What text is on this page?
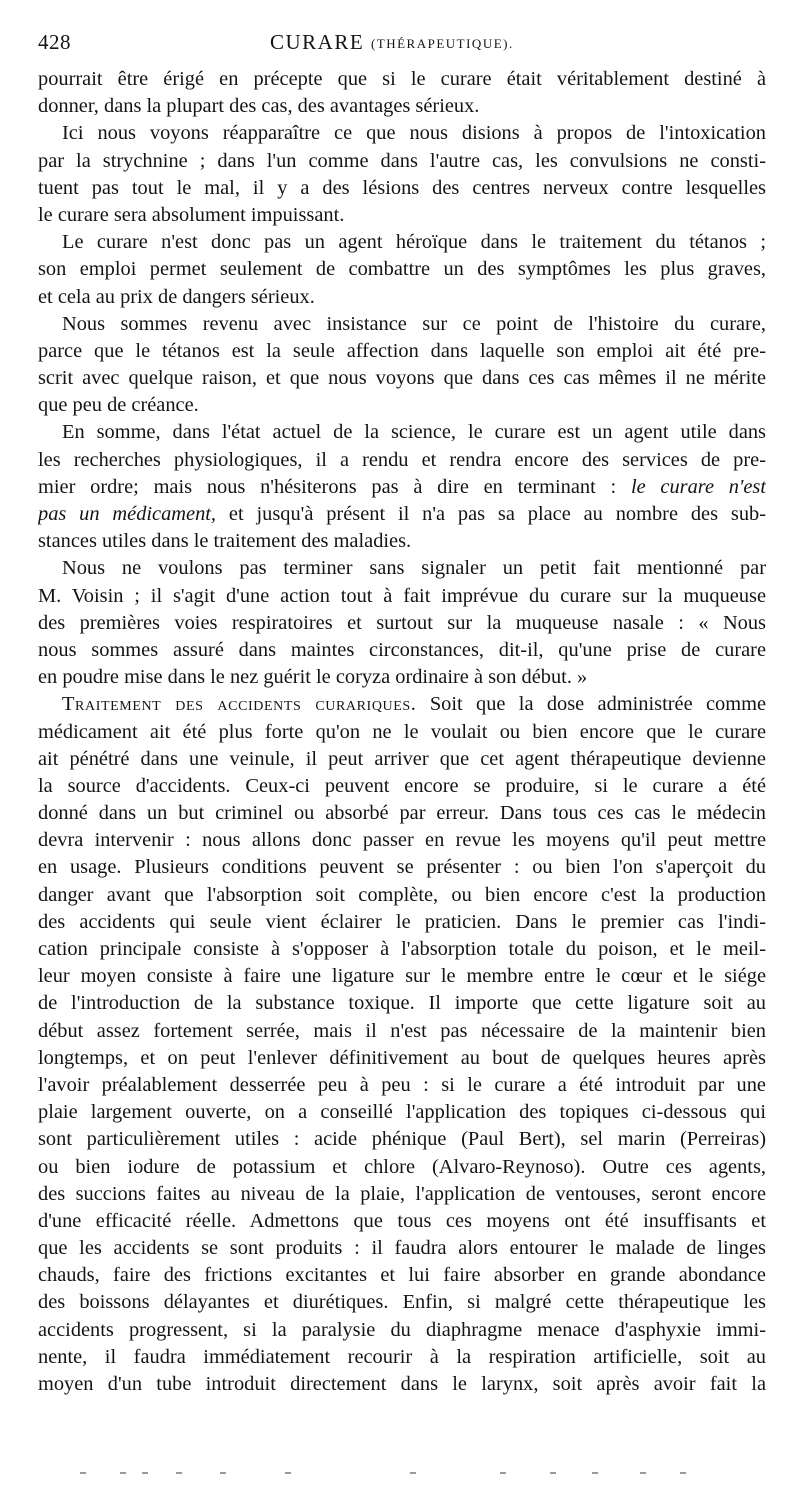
428	CURARE (THÉRAPEUTIQUE).
pourrait être érigé en précepte que si le curare était véritablement destiné à
donner, dans la plupart des cas, des avantages sérieux.
Ici nous voyons réapparaître ce que nous disions à propos de l'intoxication
par la strychnine ; dans l'un comme dans l'autre cas, les convulsions ne consti-
tuent pas tout le mal, il y a des lésions des centres nerveux contre lesquelles
le curare sera absolument impuissant.
Le curare n'est donc pas un agent héroïque dans le traitement du tétanos ;
son emploi permet seulement de combattre un des symptômes les plus graves,
et cela au prix de dangers sérieux.
Nous sommes revenu avec insistance sur ce point de l'histoire du curare,
parce que le tétanos est la seule affection dans laquelle son emploi ait été pre-
scrit avec quelque raison, et que nous voyons que dans ces cas mêmes il ne mérite
que peu de créance.
En somme, dans l'état actuel de la science, le curare est un agent utile dans
les recherches physiologiques, il a rendu et rendra encore des services de pre-
mier ordre; mais nous n'hésiterons pas à dire en terminant : le curare n'est
pas un médicament, et jusqu'à présent il n'a pas sa place au nombre des sub-
stances utiles dans le traitement des maladies.
Nous ne voulons pas terminer sans signaler un petit fait mentionné par
M. Voisin ; il s'agit d'une action tout à fait imprévue du curare sur la muqueuse
des premières voies respiratoires et surtout sur la muqueuse nasale : « Nous
nous sommes assuré dans maintes circonstances, dit-il, qu'une prise de curare
en poudre mise dans le nez guérit le coryza ordinaire à son début. »
Traitement des accidents curariques. Soit que la dose administrée comme
médicament ait été plus forte qu'on ne le voulait ou bien encore que le curare
ait pénétré dans une veinule, il peut arriver que cet agent thérapeutique devienne
la source d'accidents. Ceux-ci peuvent encore se produire, si le curare a été
donné dans un but criminel ou absorbé par erreur. Dans tous ces cas le médecin
devra intervenir : nous allons donc passer en revue les moyens qu'il peut mettre
en usage. Plusieurs conditions peuvent se présenter : ou bien l'on s'aperçoit du
danger avant que l'absorption soit complète, ou bien encore c'est la production
des accidents qui seule vient éclairer le praticien. Dans le premier cas l'indi-
cation principale consiste à s'opposer à l'absorption totale du poison, et le meil-
leur moyen consiste à faire une ligature sur le membre entre le cœur et le siége
de l'introduction de la substance toxique. Il importe que cette ligature soit au
début assez fortement serrée, mais il n'est pas nécessaire de la maintenir bien
longtemps, et on peut l'enlever définitivement au bout de quelques heures après
l'avoir préalablement desserrée peu à peu : si le curare a été introduit par une
plaie largement ouverte, on a conseillé l'application des topiques ci-dessous qui
sont particulièrement utiles : acide phénique (Paul Bert), sel marin (Perreiras)
ou bien iodure de potassium et chlore (Alvaro-Reynoso). Outre ces agents,
des succions faites au niveau de la plaie, l'application de ventouses, seront encore
d'une efficacité réelle. Admettons que tous ces moyens ont été insuffisants et
que les accidents se sont produits : il faudra alors entourer le malade de linges
chauds, faire des frictions excitantes et lui faire absorber en grande abondance
des boissons délayantes et diurétiques. Enfin, si malgré cette thérapeutique les
accidents progressent, si la paralysie du diaphragme menace d'asphyxie immi-
nente, il faudra immédiatement recourir à la respiration artificielle, soit au
moyen d'un tube introduit directement dans le larynx, soit après avoir fait la
